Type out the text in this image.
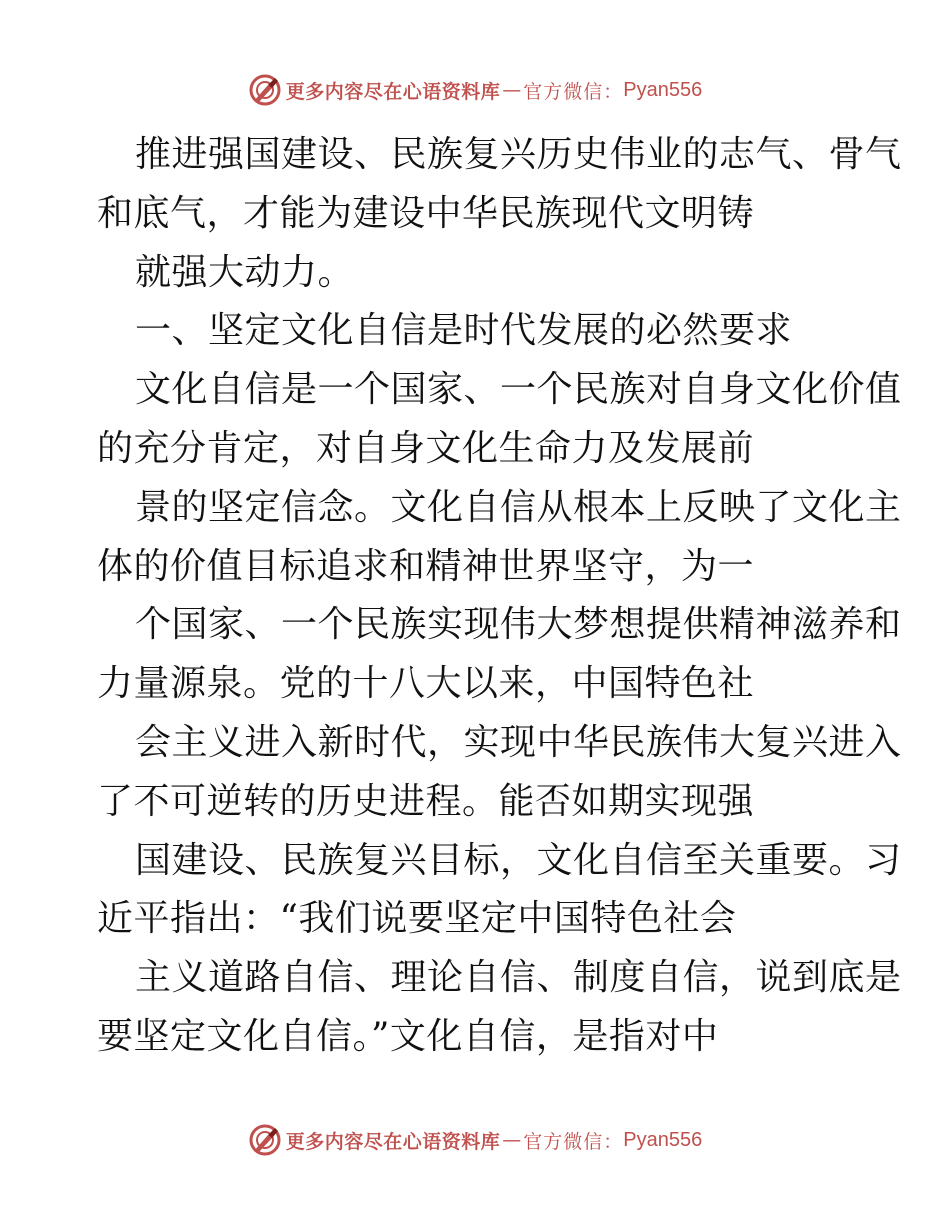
更多内容尽在心语资料库 — 官方微信： Pyan556
推进强国建设、民族复兴历史伟业的志气、骨气
和底气，才能为建设中华民族现代文明铸
就强大动力。
一、坚定文化自信是时代发展的必然要求
文化自信是一个国家、一个民族对自身文化价值
的充分肯定，对自身文化生命力及发展前
景的坚定信念。文化自信从根本上反映了文化主
体的价值目标追求和精神世界坚守，为一
个国家、一个民族实现伟大梦想提供精神滋养和
力量源泉。党的十八大以来，中国特色社
会主义进入新时代，实现中华民族伟大复兴进入
了不可逆转的历史进程。能否如期实现强
国建设、民族复兴目标，文化自信至关重要。习
近平指出：“我们说要坚定中国特色社会
主义道路自信、理论自信、制度自信，说到底是
要坚定文化自信。”文化自信，是指对中
更多内容尽在心语资料库 — 官方微信： Pyan556
